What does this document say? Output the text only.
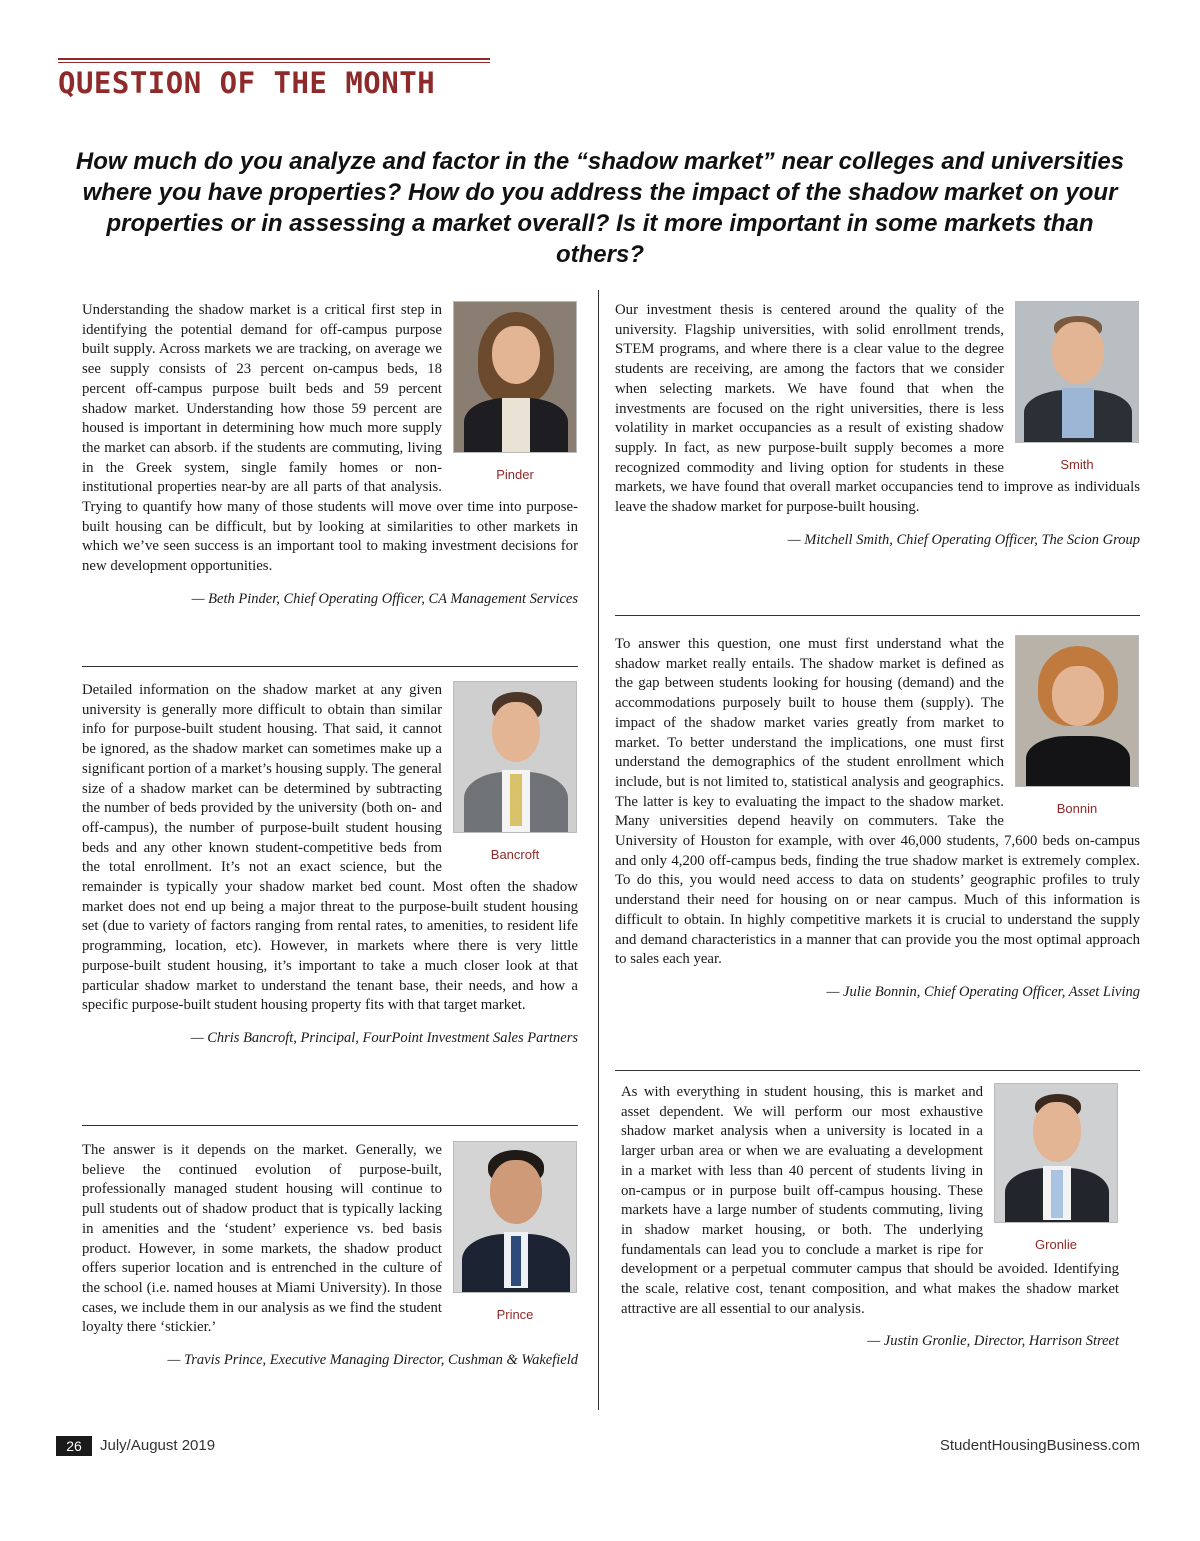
QUESTION OF THE MONTH
How much do you analyze and factor in the “shadow market” near colleges and universities where you have properties? How do you address the impact of the shadow market on your properties or in assessing a market overall? Is it more important in some markets than others?
Pinder

Understanding the shadow market is a critical first step in identifying the potential demand for off-campus purpose built supply. Across markets we are tracking, on average we see supply consists of 23 percent on-campus beds, 18 percent off-campus purpose built beds and 59 percent shadow market. Understanding how those 59 percent are housed is important in determining how much more supply the market can absorb. if the students are commuting, living in the Greek system, single family homes or non-institutional properties near-by are all parts of that analysis. Trying to quantify how many of those students will move over time into purpose-built housing can be difficult, but by looking at similarities to other markets in which we’ve seen success is an important tool to making investment decisions for new development opportunities.

— Beth Pinder, Chief Operating Officer, CA Management Services
Bancroft

Detailed information on the shadow market at any given university is generally more difficult to obtain than similar info for purpose-built student housing. That said, it cannot be ignored, as the shadow market can sometimes make up a significant portion of a market’s housing supply. The general size of a shadow market can be determined by subtracting the number of beds provided by the university (both on- and off-campus), the number of purpose-built student housing beds and any other known student-competitive beds from the total enrollment. It’s not an exact science, but the remainder is typically your shadow market bed count. Most often the shadow market does not end up being a major threat to the purpose-built student housing set (due to variety of factors ranging from rental rates, to amenities, to resident life programming, location, etc). However, in markets where there is very little purpose-built student housing, it’s important to take a much closer look at that particular shadow market to understand the tenant base, their needs, and how a specific purpose-built student housing property fits with that target market.

— Chris Bancroft, Principal, FourPoint Investment Sales Partners
Prince

The answer is it depends on the market. Generally, we believe the continued evolution of purpose-built, professionally managed student housing will continue to pull students out of shadow product that is typically lacking in amenities and the ‘student’ experience vs. bed basis product. However, in some markets, the shadow product offers superior location and is entrenched in the culture of the school (i.e. named houses at Miami University). In those cases, we include them in our analysis as we find the student loyalty there ‘stickier.’

— Travis Prince, Executive Managing Director, Cushman & Wakefield
Smith

Our investment thesis is centered around the quality of the university. Flagship universities, with solid enrollment trends, STEM programs, and where there is a clear value to the degree students are receiving, are among the factors that we consider when selecting markets. We have found that when the investments are focused on the right universities, there is less volatility in market occupancies as a result of existing shadow supply. In fact, as new purpose-built supply becomes a more recognized commodity and living option for students in these markets, we have found that overall market occupancies tend to improve as individuals leave the shadow market for purpose-built housing.

— Mitchell Smith, Chief Operating Officer, The Scion Group
Bonnin

To answer this question, one must first understand what the shadow market really entails. The shadow market is defined as the gap between students looking for housing (demand) and the accommodations purposely built to house them (supply). The impact of the shadow market varies greatly from market to market. To better understand the implications, one must first understand the demographics of the student enrollment which include, but is not limited to, statistical analysis and geographics. The latter is key to evaluating the impact to the shadow market. Many universities depend heavily on commuters. Take the University of Houston for example, with over 46,000 students, 7,600 beds on-campus and only 4,200 off-campus beds, finding the true shadow market is extremely complex. To do this, you would need access to data on students’ geographic profiles to truly understand their need for housing on or near campus. Much of this information is difficult to obtain. In highly competitive markets it is crucial to understand the supply and demand characteristics in a manner that can provide you the most optimal approach to sales each year.

— Julie Bonnin, Chief Operating Officer, Asset Living
Gronlie

As with everything in student housing, this is market and asset dependent. We will perform our most exhaustive shadow market analysis when a university is located in a larger urban area or when we are evaluating a development in a market with less than 40 percent of students living in on-campus or in purpose built off-campus housing. These markets have a large number of students commuting, living in shadow market housing, or both. The underlying fundamentals can lead you to conclude a market is ripe for development or a perpetual commuter campus that should be avoided. Identifying the scale, relative cost, tenant composition, and what makes the shadow market attractive are all essential to our analysis.

— Justin Gronlie, Director, Harrison Street
26	July/August 2019	StudentHousingBusiness.com
